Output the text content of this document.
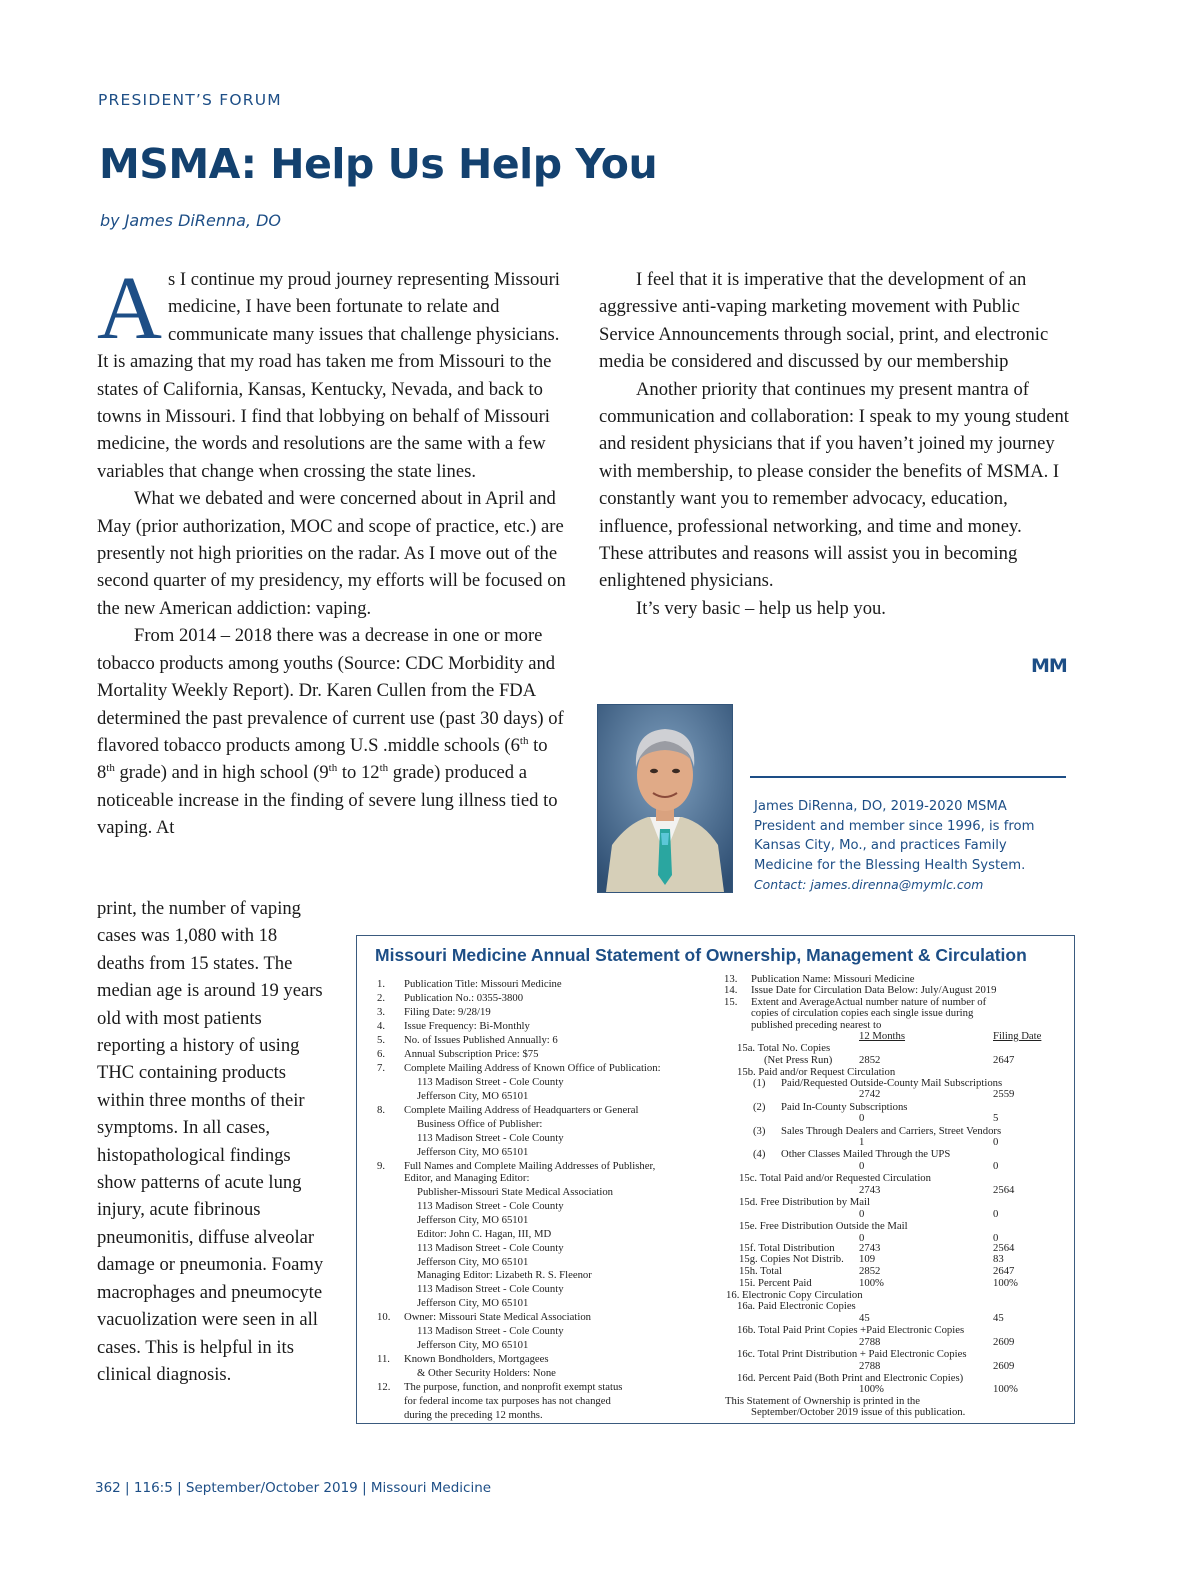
PRESIDENT’S FORUM
MSMA: Help Us Help You
by James DiRenna, DO

As I continue my proud journey representing Missouri medicine, I have been fortunate to relate and communicate many issues that challenge physicians. It is amazing that my road has taken me from Missouri to the states of California, Kansas, Kentucky, Nevada, and back to towns in Missouri. I find that lobbying on behalf of Missouri medicine, the words and resolutions are the same with a few variables that change when crossing the state lines.

What we debated and were concerned about in April and May (prior authorization, MOC and scope of practice, etc.) are presently not high priorities on the radar. As I move out of the second quarter of my presidency, my efforts will be focused on the new American addiction: vaping.

From 2014 – 2018 there was a decrease in one or more tobacco products among youths (Source: CDC Morbidity and Mortality Weekly Report). Dr. Karen Cullen from the FDA determined the past prevalence of current use (past 30 days) of flavored tobacco products among U.S .middle schools (6th to 8th grade) and in high school (9th to 12th grade) produced a noticeable increase in the finding of severe lung illness tied to vaping. At

print, the number of vaping cases was 1,080 with 18 deaths from 15 states. The median age is around 19 years old with most patients reporting a history of using THC containing products within three months of their symptoms. In all cases, histopathological findings show patterns of acute lung injury, acute fibrinous pneumonitis, diffuse alveolar damage or pneumonia. Foamy macrophages and pneumocyte vacuolization were seen in all cases. This is helpful in its clinical diagnosis.

I feel that it is imperative that the development of an aggressive anti-vaping marketing movement with Public Service Announcements through social, print, and electronic media be considered and discussed by our membership

Another priority that continues my present mantra of communication and collaboration: I speak to my young student and resident physicians that if you haven’t joined my journey with membership, to please consider the benefits of MSMA. I constantly want you to remember advocacy, education, influence, professional networking, and time and money. These attributes and reasons will assist you in becoming enlightened physicians.

It’s very basic – help us help you.

MM
James DiRenna, DO, 2019-2020 MSMA
President and member since 1996, is from
Kansas City, Mo., and practices Family
Medicine for the Blessing Health System.
Contact: james.direnna@mymlc.com
Missouri Medicine Annual Statement of Ownership, Management & Circulation
1. Publication Title: Missouri Medicine
2. Publication No.: 0355-3800
3. Filing Date: 9/28/19
4. Issue Frequency: Bi-Monthly
5. No. of Issues Published Annually: 6
6. Annual Subscription Price: $75
7. Complete Mailing Address of Known Office of Publication:
113 Madison Street - Cole County
Jefferson City, MO 65101
8. Complete Mailing Address of Headquarters or General
Business Office of Publisher:
113 Madison Street - Cole County
Jefferson City, MO 65101
9. Full Names and Complete Mailing Addresses of Publisher,
Editor, and Managing Editor:
Publisher-Missouri State Medical Association
113 Madison Street - Cole County
Jefferson City, MO 65101
Editor: John C. Hagan, III, MD
113 Madison Street - Cole County
Jefferson City, MO 65101
Managing Editor: Lizabeth R. S. Fleenor
113 Madison Street - Cole County
Jefferson City, MO 65101
10. Owner: Missouri State Medical Association
113 Madison Street - Cole County
Jefferson City, MO 65101
11. Known Bondholders, Mortgagees
& Other Security Holders: None
12. The purpose, function, and nonprofit exempt status
for federal income tax purposes has not changed
during the preceding 12 months.
13. Publication Name: Missouri Medicine
14. Issue Date for Circulation Data Below: July/August 2019
15. Extent and AverageActual number nature of number of
copies of circulation copies each single issue during
published preceding nearest to
12 Months	Filing Date
15a. Total No. Copies
(Net Press Run) 2852	2647
15b. Paid and/or Request Circulation
(1) Paid/Requested Outside-County Mail Subscriptions
2742	2559
(2) Paid In-County Subscriptions
0	5
(3) Sales Through Dealers and Carriers, Street Vendors
1	0
(4) Other Classes Mailed Through the UPS
0	0
15c. Total Paid and/or Requested Circulation
2743	2564
15d. Free Distribution by Mail
0	0
15e. Free Distribution Outside the Mail
0	0
15f. Total Distribution 2743	2564
15g. Copies Not Distrib. 109	83
15h. Total	2852	2647
15i. Percent Paid	100%	100%
16. Electronic Copy Circulation
16a. Paid Electronic Copies
45	45
16b. Total Paid Print Copies +Paid Electronic Copies
2788	2609
16c. Total Print Distribution + Paid Electronic Copies
2788	2609
16d. Percent Paid (Both Print and Electronic Copies)
100%	100%
This Statement of Ownership is printed in the
September/October 2019 issue of this publication.
362 | 116:5 | September/October 2019 | Missouri Medicine
